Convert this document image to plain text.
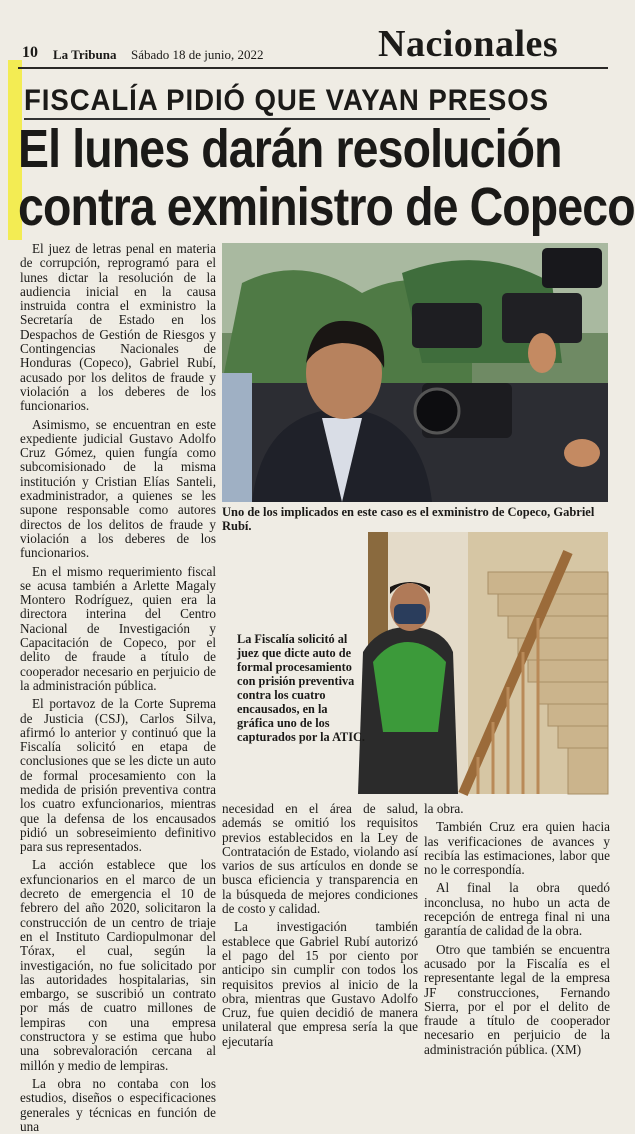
10 La Tribuna Sábado 18 de junio, 2022	Nacionales
FISCALÍA PIDIÓ QUE VAYAN PRESOS
El lunes darán resolución
contra exministro de Copeco

El juez de letras penal en materia de corrupción, reprogramó para el lunes dictar la resolución de la audiencia inicial en la causa instruida contra el exministro la Secretaría de Estado en los Despachos de Gestión de Riesgos y Contingencias Nacionales de Honduras (Copeco), Gabriel Rubí, acusado por los delitos de fraude y violación a los deberes de los funcionarios.

Asimismo, se encuentran en este expediente judicial Gustavo Adolfo Cruz Gómez, quien fungía como subcomisionado de la misma institución y Cristian Elías Santeli, exadministrador, a quienes se les supone responsable como autores directos de los delitos de fraude y violación a los deberes de los funcionarios.

En el mismo requerimiento fiscal se acusa también a Arlette Magaly Montero Rodríguez, quien era la directora interina del Centro Nacional de Investigación y Capacitación de Copeco, por el delito de fraude a título de cooperador necesario en perjuicio de la administración pública.

El portavoz de la Corte Suprema de Justicia (CSJ), Carlos Silva, afirmó lo anterior y continuó que la Fiscalía solicitó en etapa de conclusiones que se les dicte un auto de formal procesamiento con la medida de prisión preventiva contra los cuatro exfuncionarios, mientras que la defensa de los encausados pidió un sobreseimiento definitivo para sus representados.

La acción establece que los exfuncionarios en el marco de un decreto de emergencia el 10 de febrero del año 2020, solicitaron la construcción de un centro de triaje en el Instituto Cardiopulmonar del Tórax, el cual, según la investigación, no fue solicitado por las autoridades hospitalarias, sin embargo, se suscribió un contrato por más de cuatro millones de lempiras con una empresa constructora y se estima que hubo una sobrevaloración cercana al millón y medio de lempiras.

La obra no contaba con los estudios, diseños o especificaciones generales y técnicas en función de una

Uno de los implicados en este caso es el exministro de Copeco, Gabriel Rubí.
La Fiscalía solicitó al juez que dicte auto de formal procesamiento con prisión preventiva contra los cuatro encausados, en la gráfica uno de los capturados por la ATIC.

necesidad en el área de salud, además se omitió los requisitos previos establecidos en la Ley de Contratación de Estado, violando así varios de sus artículos en donde se busca eficiencia y transparencia en la búsqueda de mejores condiciones de costo y calidad.

La investigación también establece que Gabriel Rubí autorizó el pago del 15 por ciento por anticipo sin cumplir con todos los requisitos previos al inicio de la obra, mientras que Gustavo Adolfo Cruz, fue quien decidió de manera unilateral que empresa sería la que ejecutaría

la obra.

También Cruz era quien hacia las verificaciones de avances y recibía las estimaciones, labor que no le correspondía.

Al final la obra quedó inconclusa, no hubo un acta de recepción de entrega final ni una garantía de calidad de la obra.

Otro que también se encuentra acusado por la Fiscalía es el representante legal de la empresa JF construcciones, Fernando Sierra, por el por el delito de fraude a título de cooperador necesario en perjuicio de la administración pública. (XM)
